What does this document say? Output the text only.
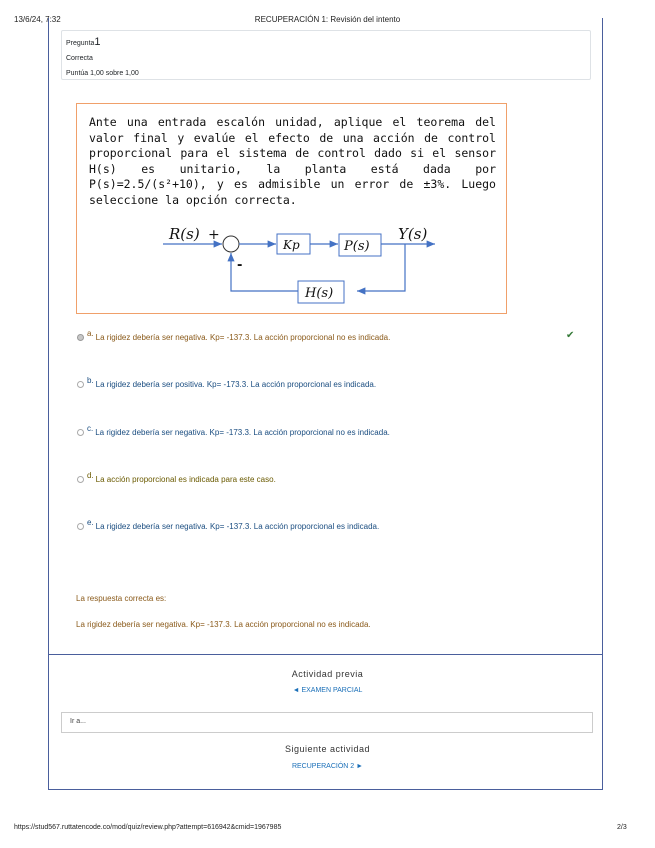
13/6/24, 7:32	RECUPERACIÓN 1: Revisión del intento
Pregunta1
Correcta
Puntúa 1,00 sobre 1,00
Ante una entrada escalón unidad, aplique el teorema del valor final y evalúe el efecto de una acción de control proporcional para el sistema de control dado si el sensor H(s) es unitario, la planta está dada por P(s)=2.5/(s²+10), y es admisible un error de ±3%. Luego seleccione la opción correcta.
R(s) +
Kp	P(s)
Y(s)
H(s)
-
a. La rigidez debería ser negativa. Kp= -137.3. La acción proporcional no es indicada.	✔
b. La rigidez debería ser positiva. Kp= -173.3. La acción proporcional es indicada.
c. La rigidez debería ser negativa. Kp= -173.3. La acción proporcional no es indicada.
d. La acción proporcional es indicada para este caso.
e. La rigidez debería ser negativa. Kp= -137.3. La acción proporcional es indicada.
La respuesta correcta es:
La rigidez debería ser negativa. Kp= -137.3. La acción proporcional no es indicada.
Actividad previa
◄ EXAMEN PARCIAL
Ir a...
Siguiente actividad
RECUPERACIÓN 2 ►
https://stud567.ruttatencode.co/mod/quiz/review.php?attempt=616942&cmid=1967985	2/3
